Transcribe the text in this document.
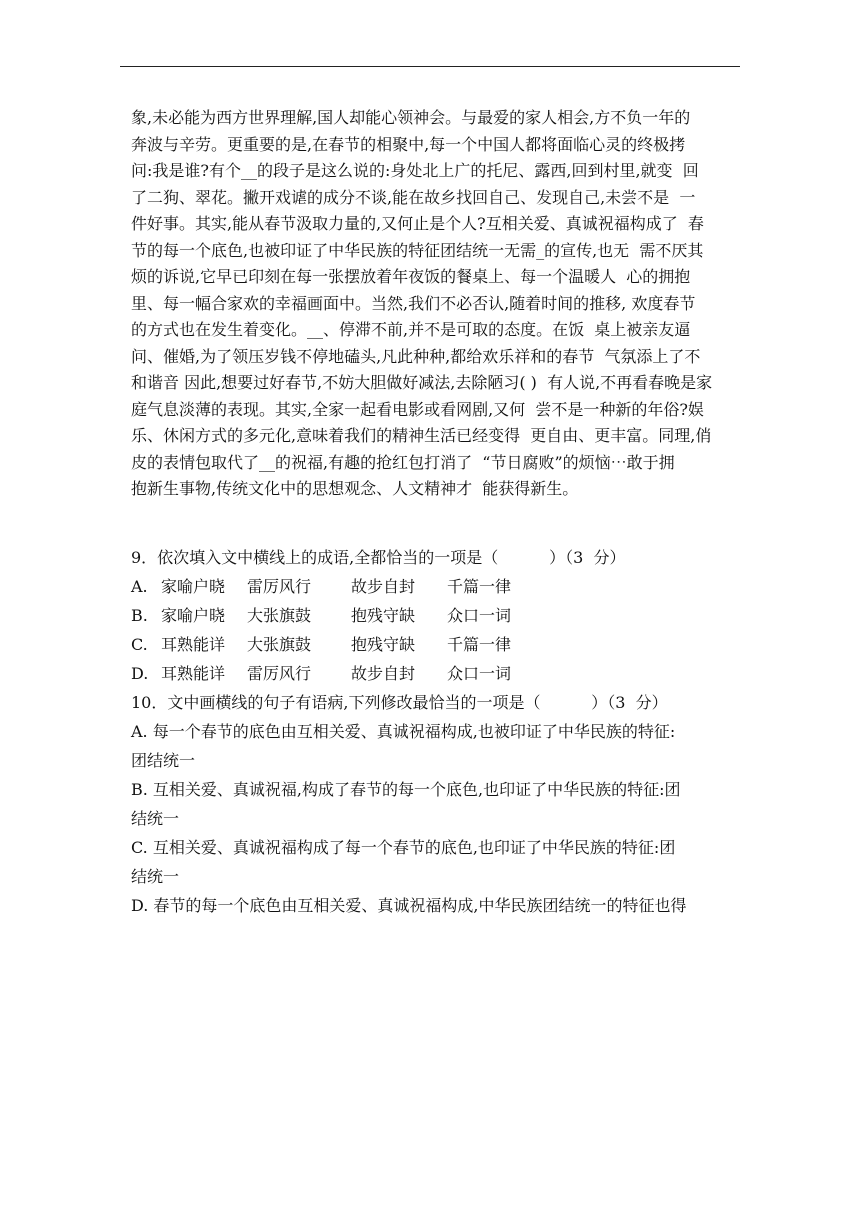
象,未必能为西方世界理解,国人却能心领神会。与最爱的家人相会,方不负一年的
奔波与辛劳。更重要的是,在春节的相聚中,每一个中国人都将面临心灵的终极拷
问:我是谁?有个__的段子是这么说的:身处北上广的托尼、露西,回到村里,就变  回
了二狗、翠花。撇开戏谑的成分不谈,能在故乡找回自己、发现自己,未尝不是  一
件好事。其实,能从春节汲取力量的,又何止是个人?互相关爱、真诚祝福构成了  春
节的每一个底色,也被印证了中华民族的特征团结统一无需_的宣传,也无  需不厌其
烦的诉说,它早已印刻在每一张摆放着年夜饭的餐桌上、每一个温暖人  心的拥抱
里、每一幅合家欢的幸福画面中。当然,我们不必否认,随着时间的推移, 欢度春节
的方式也在发生着变化。__、停滞不前,并不是可取的态度。在饭  桌上被亲友逼
问、催婚,为了领压岁钱不停地磕头,凡此种种,都给欢乐祥和的春节  气氛添上了不
和谐音 因此,想要过好春节,不妨大胆做好减法,去除陋习( )  有人说,不再看春晚是家
庭气息淡薄的表现。其实,全家一起看电影或看网剧,又何  尝不是一种新的年俗?娱
乐、休闲方式的多元化,意味着我们的精神生活已经变得  更自由、更丰富。同理,俏
皮的表情包取代了__的祝福,有趣的抢红包打消了  “节日腐败”的烦恼⋯敢于拥
抱新生事物,传统文化中的思想观念、人文精神才  能获得新生。
9．依次填入文中横线上的成语,全都恰当的一项是（          ）（3  分）
A. 家喻户晓	雷厉风行	故步自封	千篇一律
B. 家喻户晓	大张旗鼓	抱残守缺	众口一词
C. 耳熟能详	大张旗鼓	抱残守缺	千篇一律
D. 耳熟能详	雷厉风行	故步自封	众口一词
10．文中画横线的句子有语病,下列修改最恰当的一项是（          ）（3  分）
A. 每一个春节的底色由互相关爱、真诚祝福构成,也被印证了中华民族的特征:
团结统一
B. 互相关爱、真诚祝福,构成了春节的每一个底色,也印证了中华民族的特征:团
结统一
C. 互相关爱、真诚祝福构成了每一个春节的底色,也印证了中华民族的特征:团
结统一
D. 春节的每一个底色由互相关爱、真诚祝福构成,中华民族团结统一的特征也得
